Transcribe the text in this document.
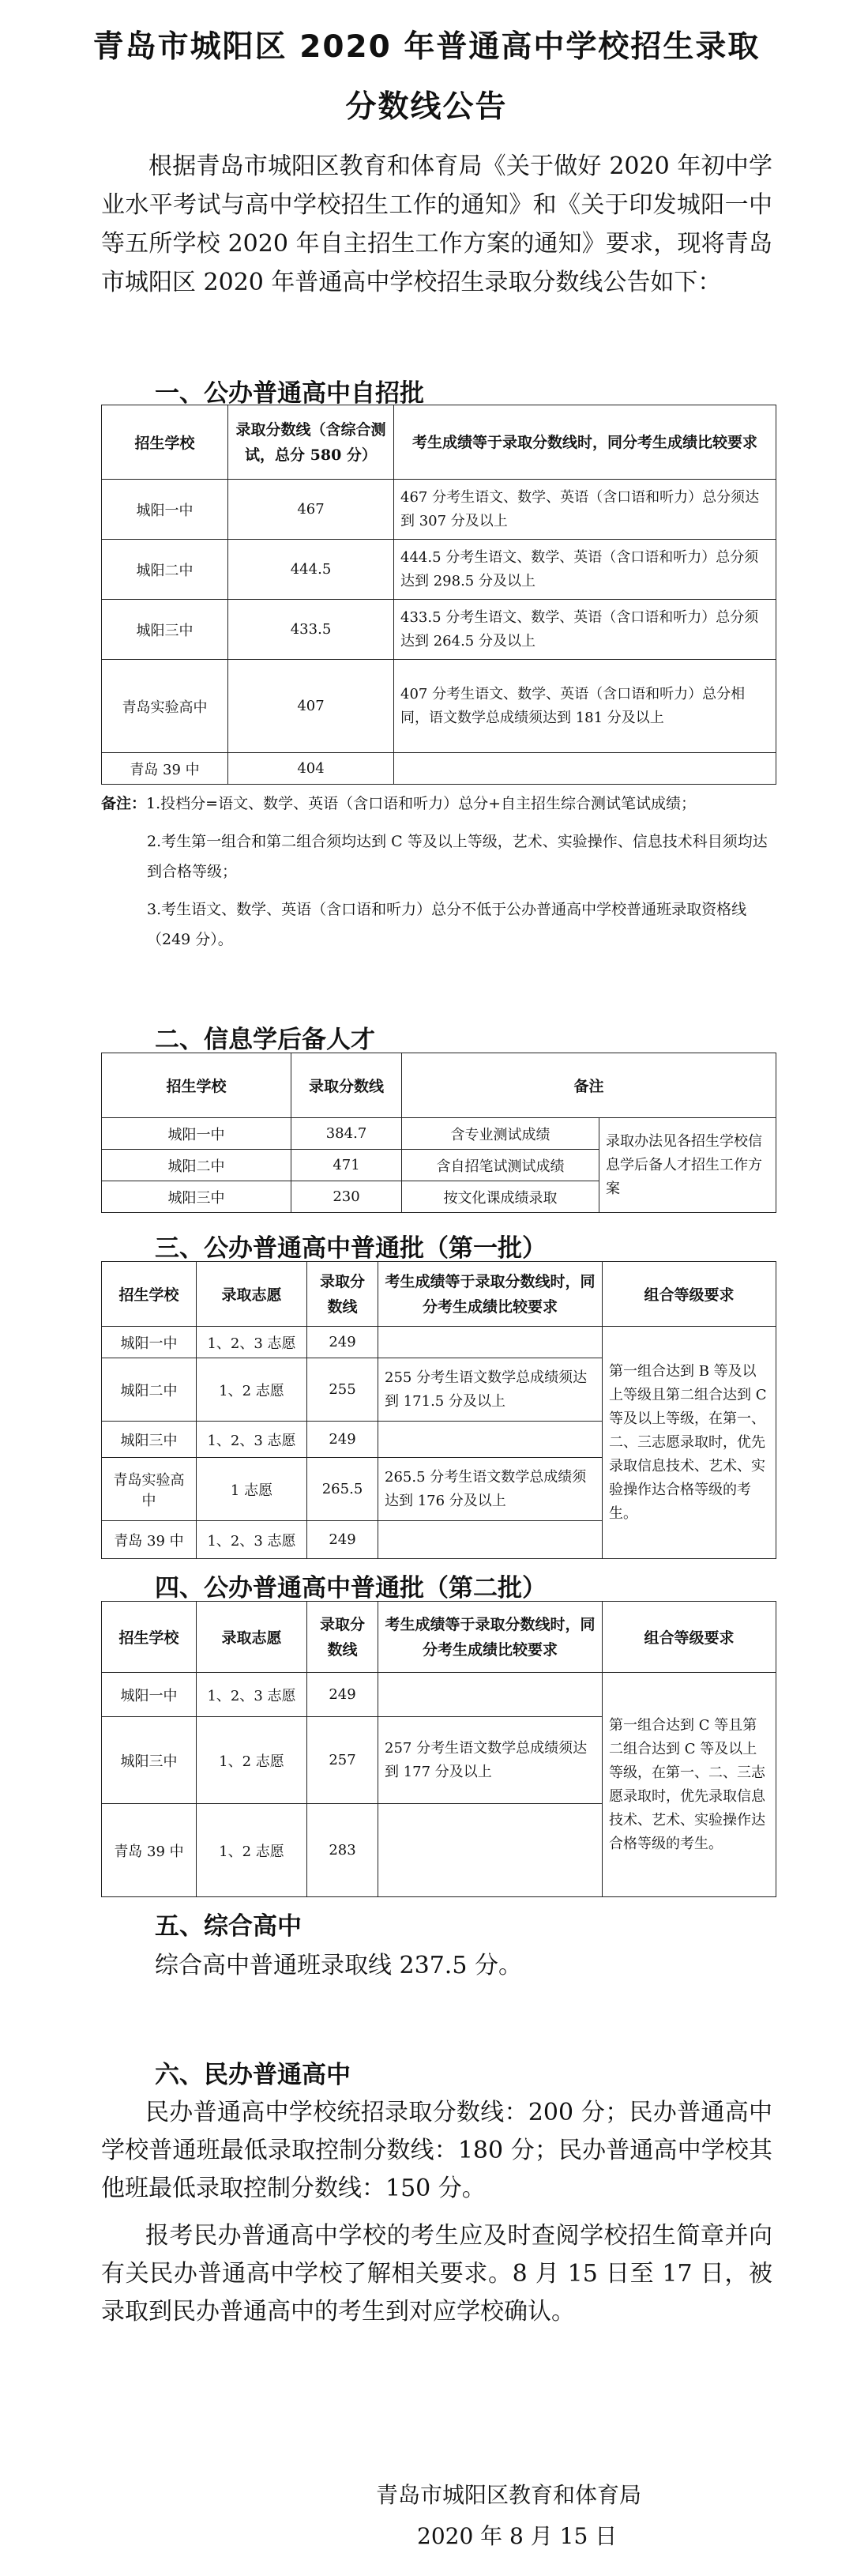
青岛市城阳区 2020 年普通高中学校招生录取
分数线公告
根据青岛市城阳区教育和体育局《关于做好 2020 年初中学业水平考试与高中学校招生工作的通知》和《关于印发城阳一中等五所学校 2020 年自主招生工作方案的通知》要求，现将青岛市城阳区 2020 年普通高中学校招生录取分数线公告如下：
一、公办普通高中自招批
招生学校	录取分数线（含综合测试，总分 580 分）	考生成绩等于录取分数线时，同分考生成绩比较要求
城阳一中	467	467 分考生语文、数学、英语（含口语和听力）总分须达到 307 分及以上
城阳二中	444.5	444.5 分考生语文、数学、英语（含口语和听力）总分须达到 298.5 分及以上
城阳三中	433.5	433.5 分考生语文、数学、英语（含口语和听力）总分须达到 264.5 分及以上
青岛实验高中	407	407 分考生语文、数学、英语（含口语和听力）总分相同，语文数学总成绩须达到 181 分及以上
青岛 39 中	404	
备注：1.投档分=语文、数学、英语（含口语和听力）总分+自主招生综合测试笔试成绩；
2.考生第一组合和第二组合须均达到 C 等及以上等级，艺术、实验操作、信息技术科目须均达到合格等级；
3.考生语文、数学、英语（含口语和听力）总分不低于公办普通高中学校普通班录取资格线（249 分）。
二、信息学后备人才
招生学校	录取分数线	备注	
城阳一中	384.7	含专业测试成绩	录取办法见各招生学校信息学后备人才招生工作方案
城阳二中	471	含自招笔试测试成绩	
城阳三中	230	按文化课成绩录取	
三、公办普通高中普通批（第一批）
招生学校	录取志愿	录取分数线	考生成绩等于录取分数线时，同分考生成绩比较要求	组合等级要求
城阳一中	1、2、3 志愿	249		第一组合达到 B 等及以上等级且第二组合达到 C 等及以上等级，在第一、二、三志愿录取时，优先录取信息技术、艺术、实验操作达合格等级的考生。
城阳二中	1、2 志愿	255	255 分考生语文数学总成绩须达到 171.5 分及以上	
城阳三中	1、2、3 志愿	249		
青岛实验高中	1 志愿	265.5	265.5 分考生语文数学总成绩须达到 176 分及以上	
青岛 39 中	1、2、3 志愿	249		
四、公办普通高中普通批（第二批）
招生学校	录取志愿	录取分数线	考生成绩等于录取分数线时，同分考生成绩比较要求	组合等级要求
城阳一中	1、2、3 志愿	249		第一组合达到 C 等且第二组合达到 C 等及以上等级，在第一、二、三志愿录取时，优先录取信息技术、艺术、实验操作达合格等级的考生。
城阳三中	1、2 志愿	257	257 分考生语文数学总成绩须达到 177 分及以上	
青岛 39 中	1、2 志愿	283		
五、综合高中
综合高中普通班录取线 237.5 分。
六、民办普通高中
民办普通高中学校统招录取分数线：200 分；民办普通高中学校普通班最低录取控制分数线：180 分；民办普通高中学校其他班最低录取控制分数线：150 分。
报考民办普通高中学校的考生应及时查阅学校招生简章并向有关民办普通高中学校了解相关要求。8 月 15 日至 17 日，被录取到民办普通高中的考生到对应学校确认。
青岛市城阳区教育和体育局
2020 年 8 月 15 日
